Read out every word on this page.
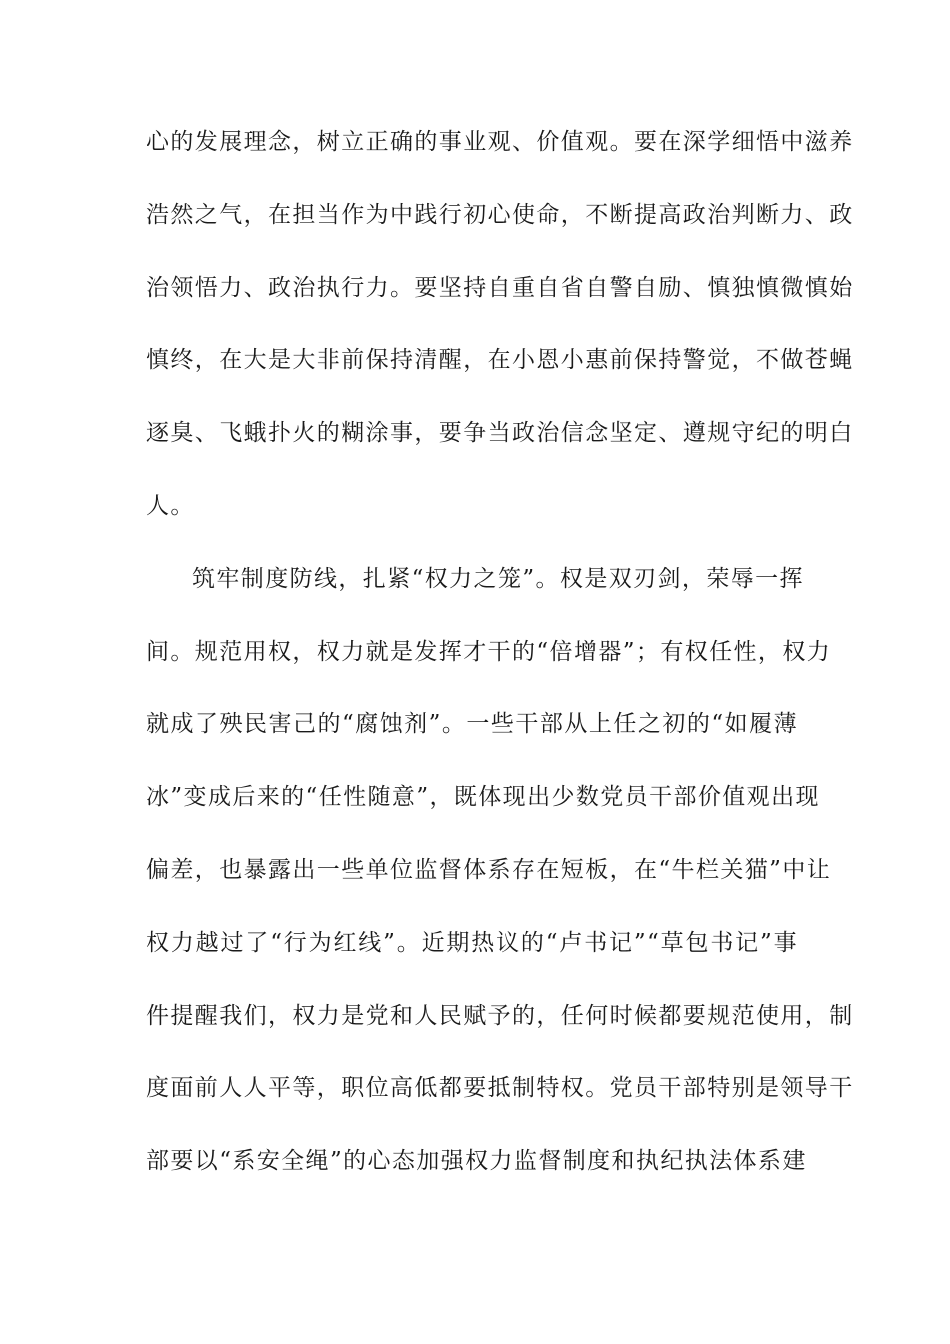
心的发展理念，树立正确的事业观、价值观。要在深学细悟中滋养
浩然之气，在担当作为中践行初心使命，不断提高政治判断力、政
治领悟力、政治执行力。要坚持自重自省自警自励、慎独慎微慎始
慎终，在大是大非前保持清醒，在小恩小惠前保持警觉，不做苍蝇
逐臭、飞蛾扑火的糊涂事，要争当政治信念坚定、遵规守纪的明白
人。
筑牢制度防线，扎紧“权力之笼”。权是双刃剑，荣辱一挥
间。规范用权，权力就是发挥才干的“倍增器”；有权任性，权力
就成了殃民害己的“腐蚀剂”。一些干部从上任之初的“如履薄
冰”变成后来的“任性随意”，既体现出少数党员干部价值观出现
偏差，也暴露出一些单位监督体系存在短板，在“牛栏关猫”中让
权力越过了“行为红线”。近期热议的“卢书记”“草包书记”事
件提醒我们，权力是党和人民赋予的，任何时候都要规范使用，制
度面前人人平等，职位高低都要抵制特权。党员干部特别是领导干
部要以“系安全绳”的心态加强权力监督制度和执纪执法体系建
